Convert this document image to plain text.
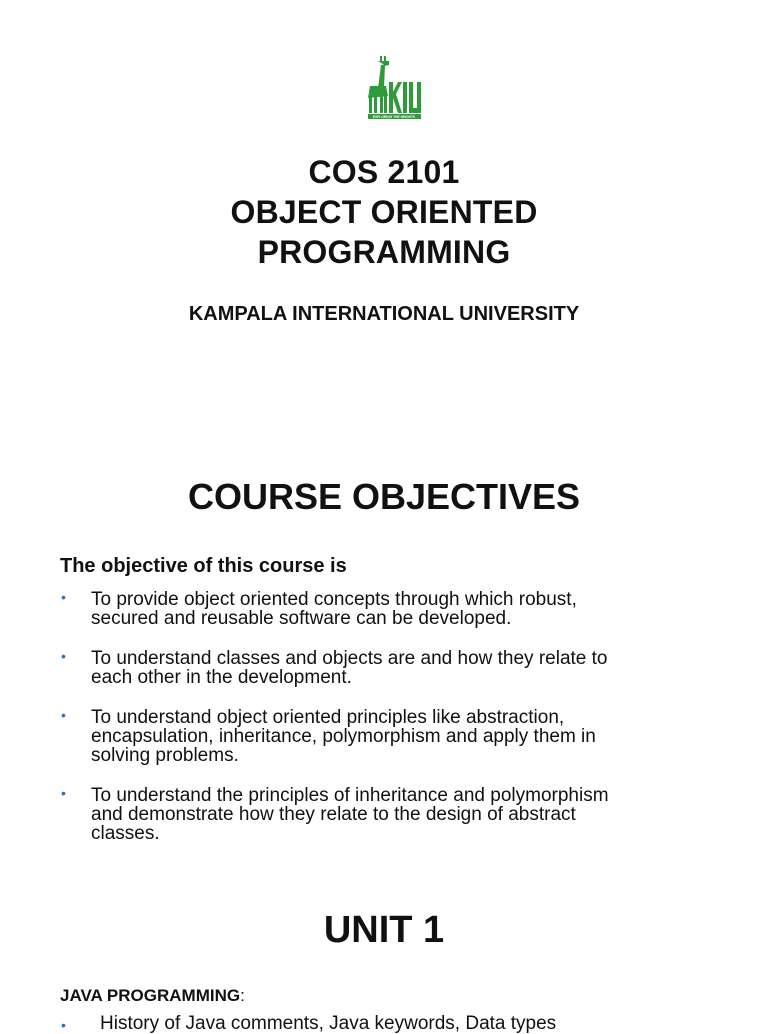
EXPLORING THE HEIGHTS
COS 2101
OBJECT ORIENTED
PROGRAMMING
KAMPALA INTERNATIONAL UNIVERSITY
COURSE OBJECTIVES
The objective of this course is
• To provide object oriented concepts through which robust,
secured and reusable software can be developed.
• To understand classes and objects are and how they relate to
each other in the development.
• To understand object oriented principles like abstraction,
encapsulation, inheritance, polymorphism and apply them in
solving problems.
• To understand the principles of inheritance and polymorphism
and demonstrate how they relate to the design of abstract
classes.
UNIT 1
JAVA PROGRAMMING:
• History of Java comments, Java keywords, Data types
